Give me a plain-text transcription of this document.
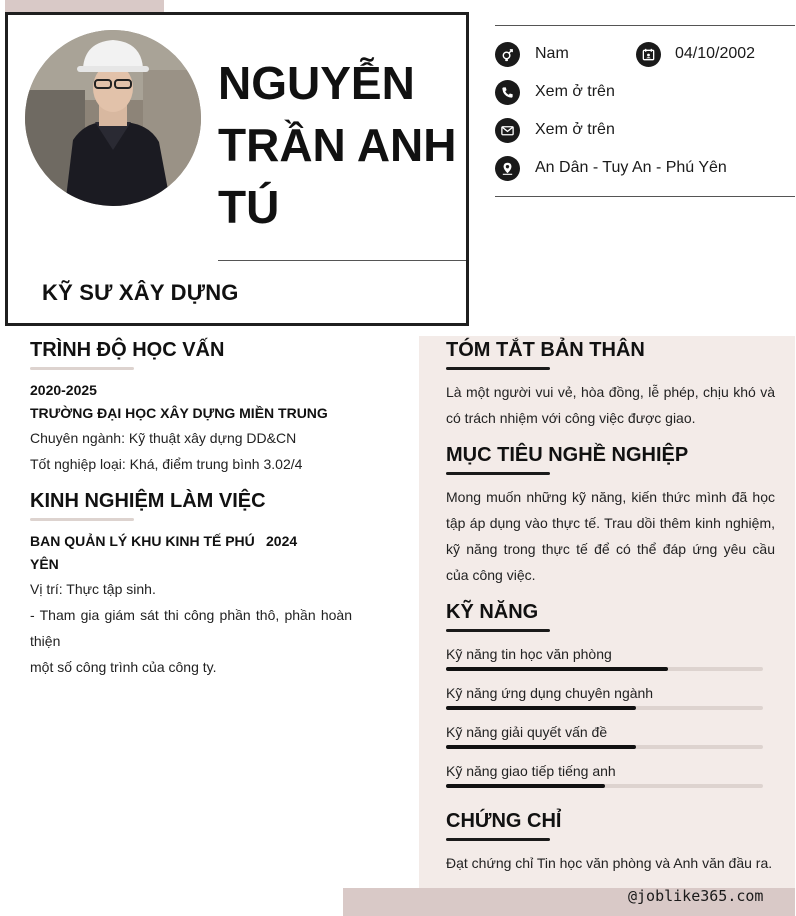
NGUYỄN TRẦN ANH TÚ
KỸ SƯ XÂY DỰNG
Nam	04/10/2002
Xem ở trên
Xem ở trên
An Dân - Tuy An - Phú Yên
TRÌNH ĐỘ HỌC VẤN
2020-2025
TRƯỜNG ĐẠI HỌC XÂY DỰNG MIỀN TRUNG
Chuyên ngành: Kỹ thuật xây dựng DD&CN
Tốt nghiệp loại: Khá, điểm trung bình 3.02/4
KINH NGHIỆM LÀM VIỆC
BAN QUẢN LÝ KHU KINH TẾ PHÚ
YÊN
2024
Vị trí: Thực tập sinh.
- Tham gia giám sát thi công phần thô, phần hoàn
thiện
một số công trình của công ty.
TÓM TẮT BẢN THÂN
Là một người vui vẻ, hòa đồng, lễ phép, chịu khó và có trách nhiệm với công việc được giao.
MỤC TIÊU NGHỀ NGHIỆP
Mong muốn những kỹ năng, kiến thức mình đã học tập áp dụng vào thực tế. Trau dồi thêm kinh nghiệm, kỹ năng trong thực tế để có thể đáp ứng yêu cầu của công việc.
KỸ NĂNG
Kỹ năng tin học văn phòng
Kỹ năng ứng dụng chuyên ngành
Kỹ năng giải quyết vấn đề
Kỹ năng giao tiếp tiếng anh
CHỨNG CHỈ
Đạt chứng chỉ Tin học văn phòng và Anh văn đầu ra.
@joblike365.com
